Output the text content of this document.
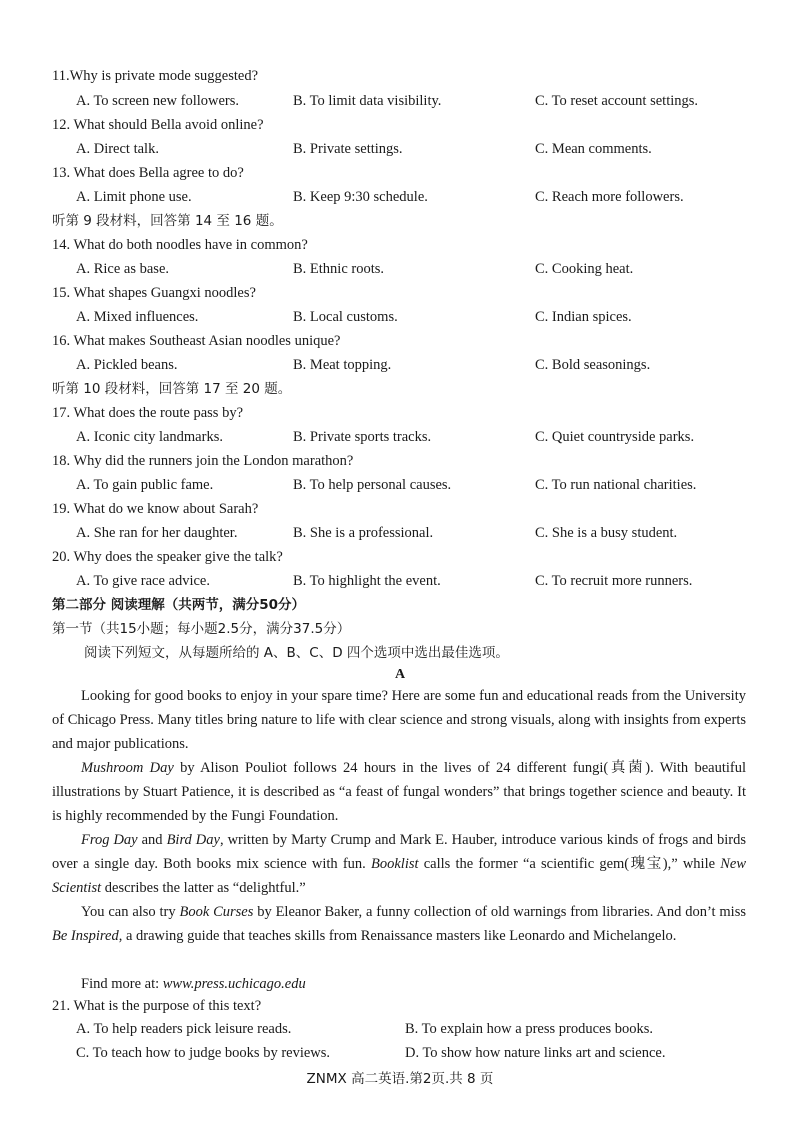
11.Why is private mode suggested?
A. To screen new followers.	B. To limit data visibility.	C. To reset account settings.
12. What should Bella avoid online?
A. Direct talk.	B. Private settings.	C. Mean comments.
13. What does Bella agree to do?
A. Limit phone use.	B. Keep 9:30 schedule.	C. Reach more followers.
听第 9 段材料，回答第 14 至 16 题。
14. What do both noodles have in common?
A. Rice as base.	B. Ethnic roots.	C. Cooking heat.
15. What shapes Guangxi noodles?
A. Mixed influences.	B. Local customs.	C. Indian spices.
16. What makes Southeast Asian noodles unique?
A. Pickled beans.	B. Meat topping.	C. Bold seasonings.
听第 10 段材料，回答第 17 至 20 题。
17. What does the route pass by?
A. Iconic city landmarks.	B. Private sports tracks.	C. Quiet countryside parks.
18. Why did the runners join the London marathon?
A. To gain public fame.	B. To help personal causes.	C. To run national charities.
19. What do we know about Sarah?
A. She ran for her daughter.	B. She is a professional.	C. She is a busy student.
20. Why does the speaker give the talk?
A. To give race advice.	B. To highlight the event.	C. To recruit more runners.
第二部分 阅读理解（共两节，满分50分）
第一节（共15小题；每小题2.5分，满分37.5分）
阅读下列短文，从每题所给的 A、B、C、D 四个选项中选出最佳选项。
A

Looking for good books to enjoy in your spare time? Here are some fun and educational reads from the University of Chicago Press. Many titles bring nature to life with clear science and strong visuals, along with insights from experts and major publications.

Mushroom Day by Alison Pouliot follows 24 hours in the lives of 24 different fungi(真菌). With beautiful illustrations by Stuart Patience, it is described as “a feast of fungal wonders” that brings together science and beauty. It is highly recommended by the Fungi Foundation.

Frog Day and Bird Day, written by Marty Crump and Mark E. Hauber, introduce various kinds of frogs and birds over a single day. Both books mix science with fun. Booklist calls the former “a scientific gem(瑰宝),” while New Scientist describes the latter as “delightful.”

You can also try Book Curses by Eleanor Baker, a funny collection of old warnings from libraries. And don’t miss Be Inspired, a drawing guide that teaches skills from Renaissance masters like Leonardo and Michelangelo.

Find more at: www.press.uchicago.edu

21. What is the purpose of this text?
A. To help readers pick leisure reads.	B. To explain how a press produces books.
C. To teach how to judge books by reviews.	D. To show how nature links art and science.
ZNMX 高二英语.第2页.共 8 页
